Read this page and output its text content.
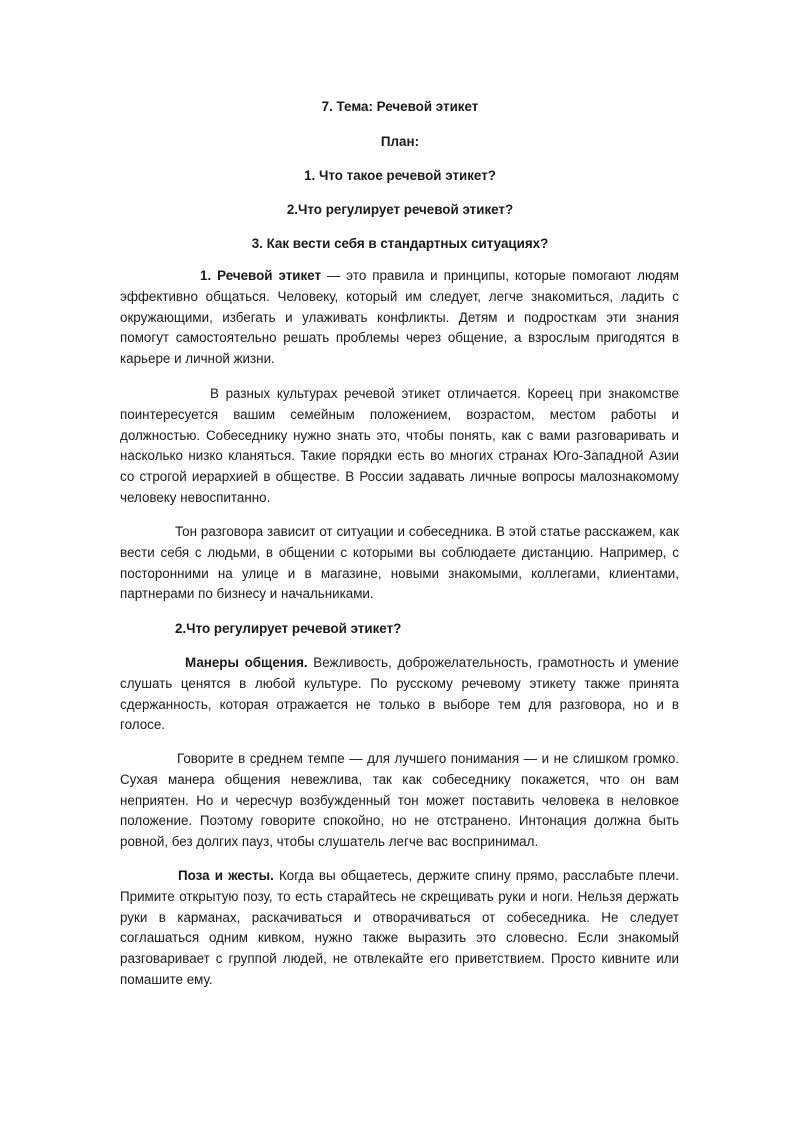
7. Тема: Речевой этикет
План:
1. Что такое речевой этикет?
2.Что регулирует речевой этикет?
3. Как вести себя в стандартных ситуациях?
1. Речевой этикет — это правила и принципы, которые помогают людям
эффективно общаться. Человеку, который им следует, легче знакомиться, ладить с
окружающими, избегать и улаживать конфликты. Детям и подросткам эти знания
помогут самостоятельно решать проблемы через общение, а взрослым пригодятся в
карьере и личной жизни.
В разных культурах речевой этикет отличается. Кореец при знакомстве
поинтересуется вашим семейным положением, возрастом, местом работы и
должностью. Собеседнику нужно знать это, чтобы понять, как с вами разговаривать и
насколько низко кланяться. Такие порядки есть во многих странах Юго-Западной Азии
со строгой иерархией в обществе. В России задавать личные вопросы малознакомому
человеку невоспитанно.
Тон разговора зависит от ситуации и собеседника. В этой статье расскажем, как
вести себя с людьми, в общении с которыми вы соблюдаете дистанцию. Например, с
посторонними на улице и в магазине, новыми знакомыми, коллегами, клиентами,
партнерами по бизнесу и начальниками.
2.Что регулирует речевой этикет?
Манеры общения. Вежливость, доброжелательность, грамотность и умение
слушать ценятся в любой культуре. По русскому речевому этикету также принята
сдержанность, которая отражается не только в выборе тем для разговора, но и в
голосе.
Говорите в среднем темпе — для лучшего понимания — и не слишком громко.
Сухая манера общения невежлива, так как собеседнику покажется, что он вам
неприятен. Но и чересчур возбужденный тон может поставить человека в неловкое
положение. Поэтому говорите спокойно, но не отстранено. Интонация должна быть
ровной, без долгих пауз, чтобы слушатель легче вас воспринимал.
Поза и жесты. Когда вы общаетесь, держите спину прямо, расслабьте плечи.
Примите открытую позу, то есть старайтесь не скрещивать руки и ноги. Нельзя держать
руки в карманах, раскачиваться и отворачиваться от собеседника. Не следует
соглашаться одним кивком, нужно также выразить это словесно. Если знакомый
разговаривает с группой людей, не отвлекайте его приветствием. Просто кивните или
помашите ему.
